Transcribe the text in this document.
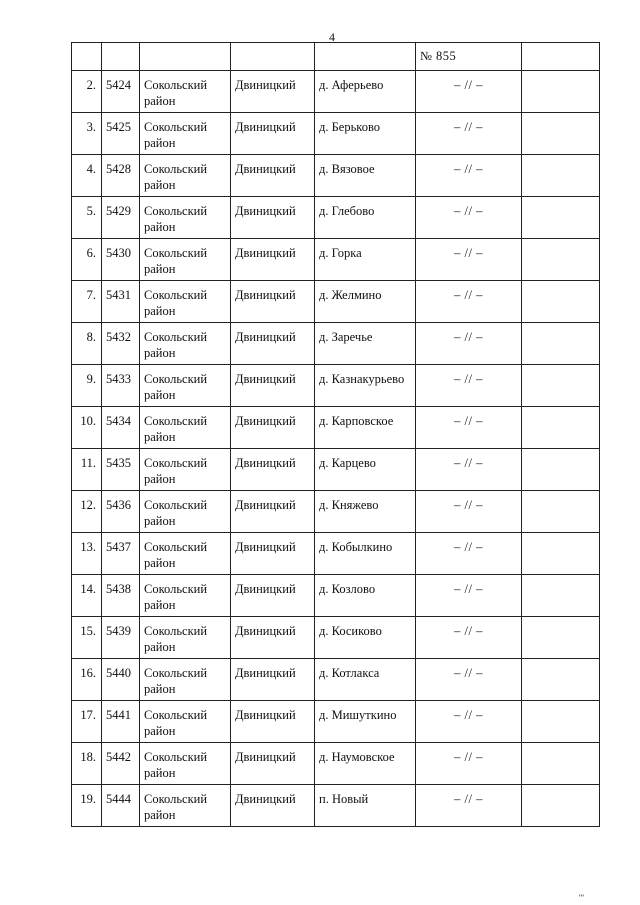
4

					№ 855	

2.	5424	Сокольский район	Двиницкий	д. Аферьево	– // –	

3.	5425	Сокольский район	Двиницкий	д. Берьково	– // –	

4.	5428	Сокольский район	Двиницкий	д. Вязовое	– // –	

5.	5429	Сокольский район	Двиницкий	д. Глебово	– // –	

6.	5430	Сокольский район	Двиницкий	д. Горка	– // –	

7.	5431	Сокольский район	Двиницкий	д. Желмино	– // –	

8.	5432	Сокольский район	Двиницкий	д. Заречье	– // –	

9.	5433	Сокольский район	Двиницкий	д. Казнакурьево	– // –	

10.	5434	Сокольский район	Двиницкий	д. Карповское	– // –	

11.	5435	Сокольский район	Двиницкий	д. Карцево	– // –	

12.	5436	Сокольский район	Двиницкий	д. Княжево	– // –	

13.	5437	Сокольский район	Двиницкий	д. Кобылкино	– // –	

14.	5438	Сокольский район	Двиницкий	д. Козлово	– // –	

15.	5439	Сокольский район	Двиницкий	д. Косиково	– // –	

16.	5440	Сокольский район	Двиницкий	д. Котлакса	– // –	

17.	5441	Сокольский район	Двиницкий	д. Мишуткино	– // –	

18.	5442	Сокольский район	Двиницкий	д. Наумовское	– // –	

19.	5444	Сокольский район	Двиницкий	п. Новый	– // –	

'''
